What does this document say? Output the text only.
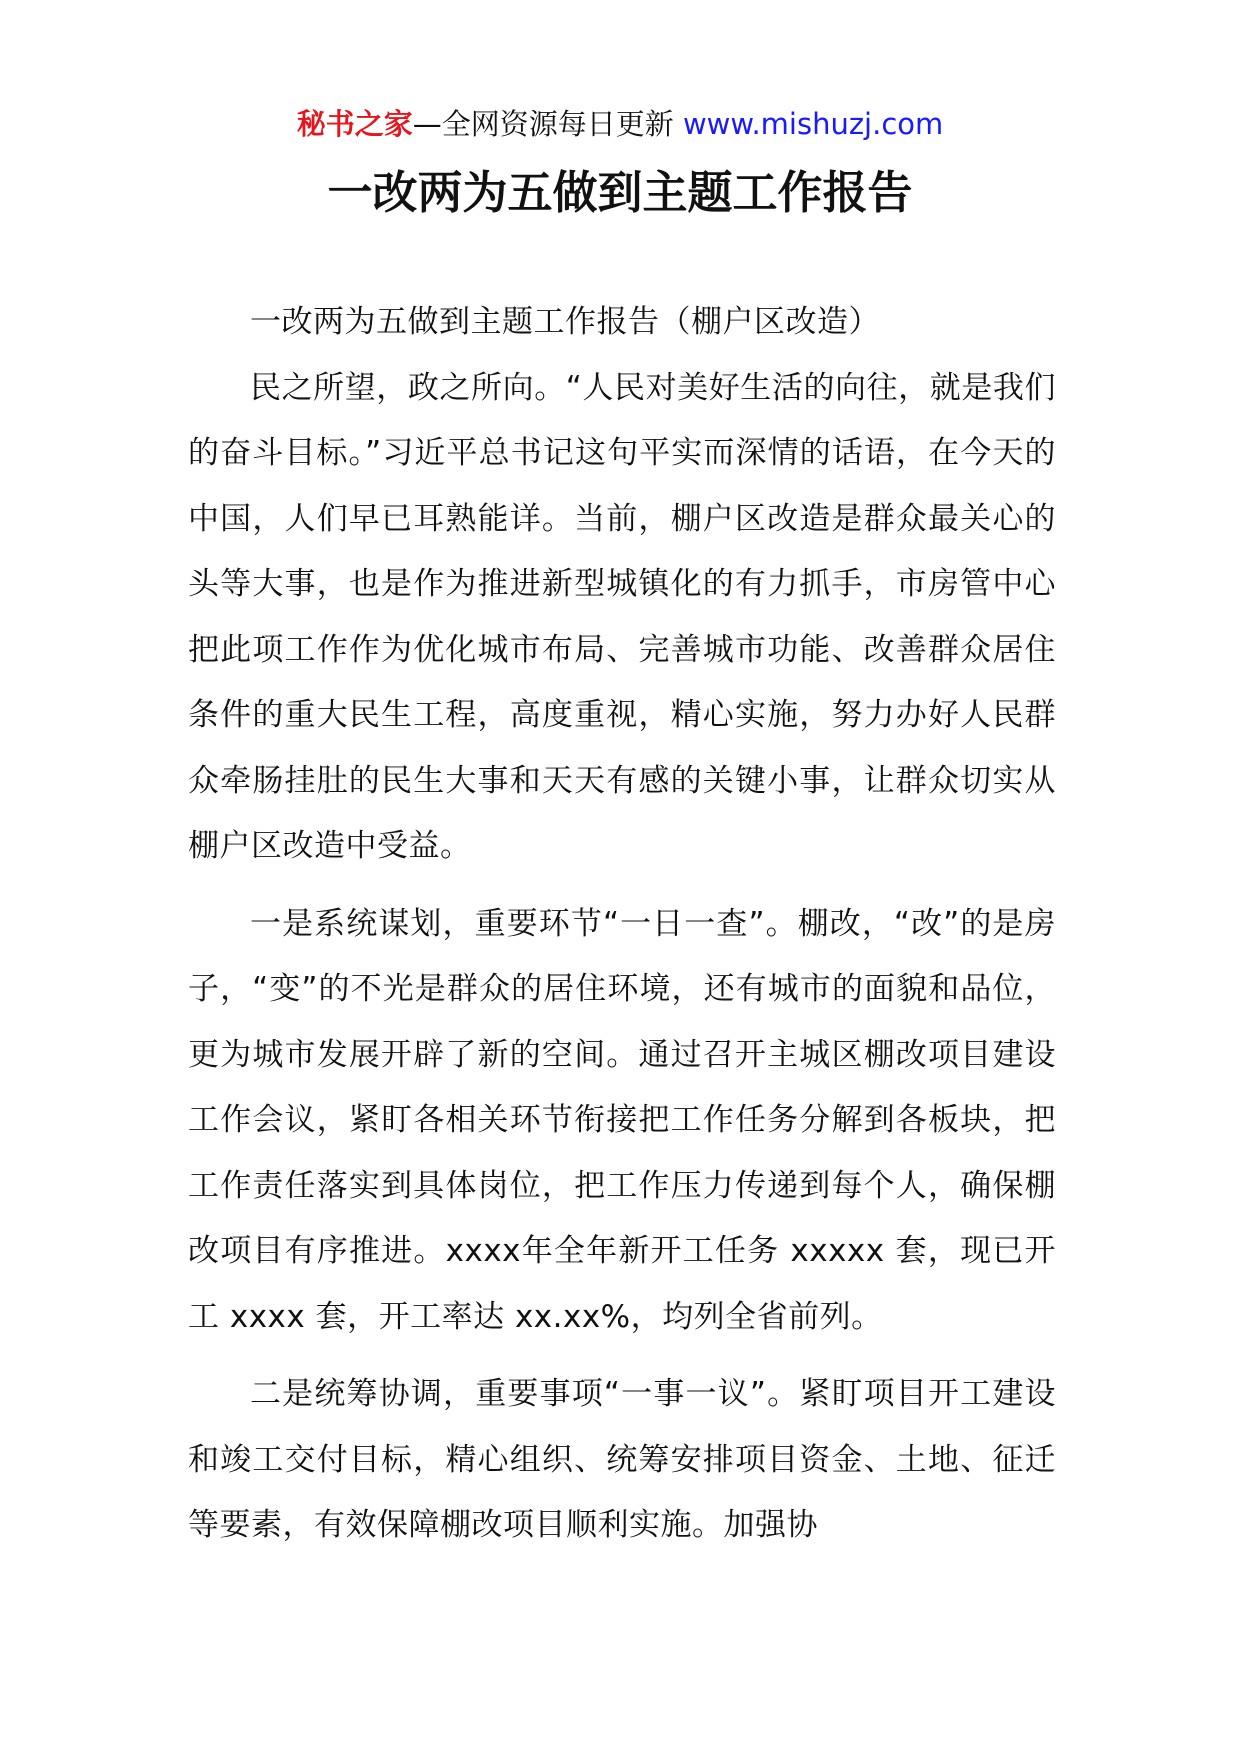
秘书之家—全网资源每日更新 www.mishuzj.com
一改两为五做到主题工作报告

一改两为五做到主题工作报告（棚户区改造）

民之所望，政之所向。“人民对美好生活的向往，就是我们的奋斗目标。”习近平总书记这句平实而深情的话语，在今天的中国，人们早已耳熟能详。当前，棚户区改造是群众最关心的头等大事，也是作为推进新型城镇化的有力抓手，市房管中心把此项工作作为优化城市布局、完善城市功能、改善群众居住条件的重大民生工程，高度重视，精心实施，努力办好人民群众牵肠挂肚的民生大事和天天有感的关键小事，让群众切实从棚户区改造中受益。

一是系统谋划，重要环节“一日一查”。棚改，“改”的是房子，“变”的不光是群众的居住环境，还有城市的面貌和品位，更为城市发展开辟了新的空间。通过召开主城区棚改项目建设工作会议，紧盯各相关环节衔接把工作任务分解到各板块，把工作责任落实到具体岗位，把工作压力传递到每个人，确保棚改项目有序推进。xxxx年全年新开工任务 xxxxx 套，现已开工 xxxx 套，开工率达 xx.xx%，均列全省前列。

二是统筹协调，重要事项“一事一议”。紧盯项目开工建设和竣工交付目标，精心组织、统筹安排项目资金、土地、征迁等要素，有效保障棚改项目顺利实施。加强协
